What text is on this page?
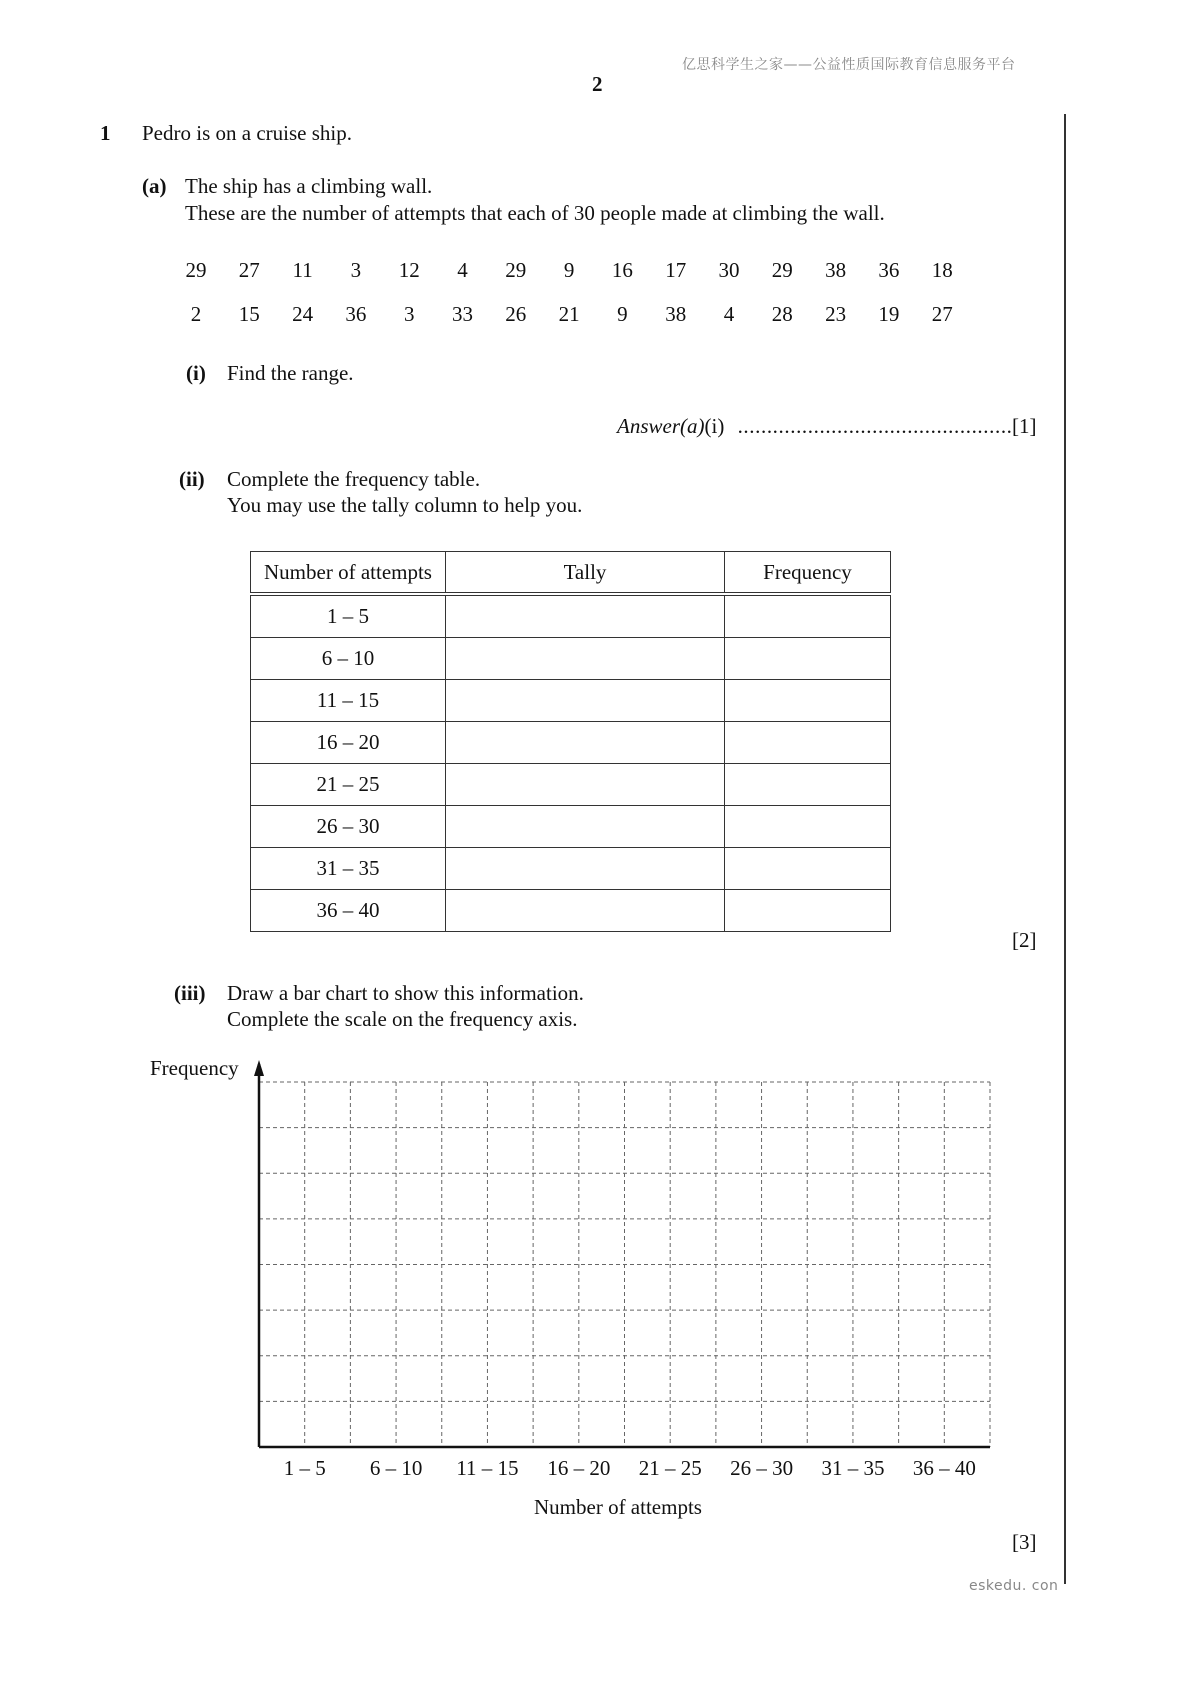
亿思科学生之家——公益性质国际教育信息服务平台
2
1 Pedro is on a cruise ship.
(a) The ship has a climbing wall.
These are the number of attempts that each of 30 people made at climbing the wall.
29	27	11	3	12	4	29	9	16	17	30	29	38	36	18
2	15	24	36	3	33	26	21	9	38	4	28	23	19	27
(i) Find the range.
Answer(a)(i) ............................................... [1]
(ii) Complete the frequency table.
You may use the tally column to help you.
Number of attempts	Tally	Frequency
1 – 5		
6 – 10		
11 – 15		
16 – 20		
21 – 25		
26 – 30		
31 – 35		
36 – 40		
[2]
(iii) Draw a bar chart to show this information.
Complete the scale on the frequency axis.
Frequency
1 – 5	6 – 10	11 – 15	16 – 20	21 – 25	26 – 30	31 – 35	36 – 40
Number of attempts
[3]
eskedu. con
